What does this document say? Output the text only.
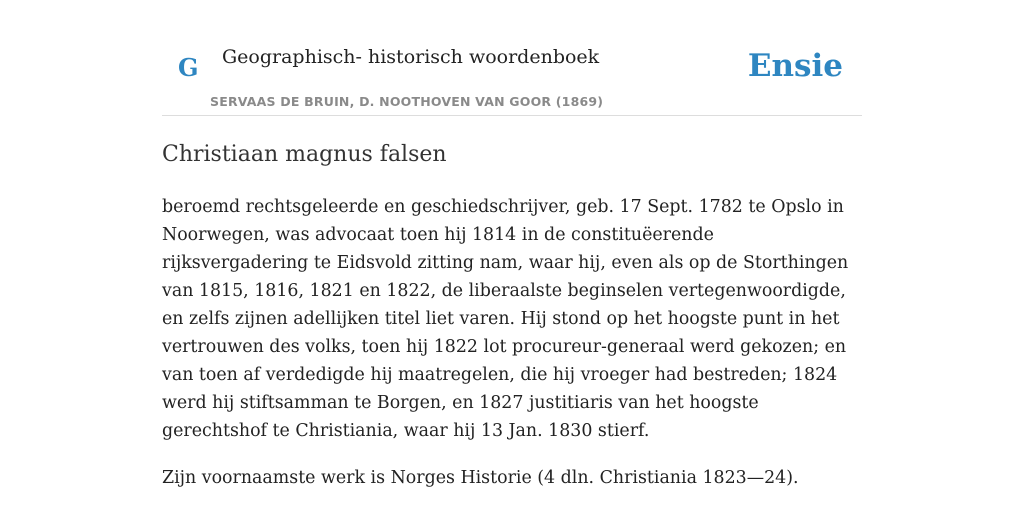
G Geographisch- historisch woordenboek
SERVAAS DE BRUIN, D. NOOTHOVEN VAN GOOR (1869)
Ensie
Christiaan magnus falsen

beroemd rechtsgeleerde en geschiedschrijver, geb. 17 Sept. 1782 te Opslo in Noorwegen, was advocaat toen hij 1814 in de constituëerende rijksvergadering te Eidsvold zitting nam, waar hij, even als op de Storthingen van 1815, 1816, 1821 en 1822, de liberaalste beginselen vertegenwoordigde, en zelfs zijnen adellijken titel liet varen. Hij stond op het hoogste punt in het vertrouwen des volks, toen hij 1822 lot procureur-generaal werd gekozen; en van toen af verdedigde hij maatregelen, die hij vroeger had bestreden; 1824 werd hij stiftsamman te Borgen, en 1827 justitiaris van het hoogste gerechtshof te Christiania, waar hij 13 Jan. 1830 stierf.

Zijn voornaamste werk is Norges Historie (4 dln. Christiania 1823—24).
